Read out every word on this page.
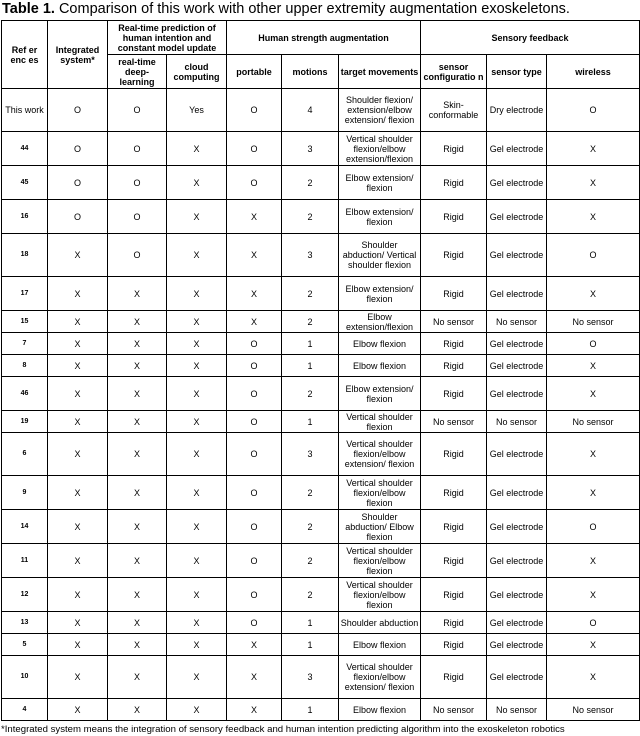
Table 1. Comparison of this work with other upper extremity augmentation exoskeletons.
Ref er enc es	Integrated system*	Real-time prediction of human intention and constant model update		Human strength augmentation			Sensory feedback		
		real-time deep-learning	cloud computing	portable	motions	target movements	sensor configuratio n	sensor type	wireless
This work	O	O	Yes	O	4	Shoulder flexion/ extension/elbow extension/ flexion	Skin-conformable	Dry electrode	O
44	O	O	X	O	3	Vertical shoulder flexion/elbow extension/flexion	Rigid	Gel electrode	X
45	O	O	X	O	2	Elbow extension/ flexion	Rigid	Gel electrode	X
16	O	O	X	X	2	Elbow extension/ flexion	Rigid	Gel electrode	X
18	X	O	X	X	3	Shoulder abduction/ Vertical shoulder flexion	Rigid	Gel electrode	O
17	X	X	X	X	2	Elbow extension/ flexion	Rigid	Gel electrode	X
15	X	X	X	X	2	Elbow extension/flexion	No sensor	No sensor	No sensor
7	X	X	X	O	1	Elbow flexion	Rigid	Gel electrode	O
8	X	X	X	O	1	Elbow flexion	Rigid	Gel electrode	X
46	X	X	X	O	2	Elbow extension/ flexion	Rigid	Gel electrode	X
19	X	X	X	O	1	Vertical shoulder flexion	No sensor	No sensor	No sensor
6	X	X	X	O	3	Vertical shoulder flexion/elbow extension/ flexion	Rigid	Gel electrode	X
9	X	X	X	O	2	Vertical shoulder flexion/elbow flexion	Rigid	Gel electrode	X
14	X	X	X	O	2	Shoulder abduction/ Elbow flexion	Rigid	Gel electrode	O
11	X	X	X	O	2	Vertical shoulder flexion/elbow flexion	Rigid	Gel electrode	X
12	X	X	X	O	2	Vertical shoulder flexion/elbow flexion	Rigid	Gel electrode	X
13	X	X	X	O	1	Shoulder abduction	Rigid	Gel electrode	O
5	X	X	X	X	1	Elbow flexion	Rigid	Gel electrode	X
10	X	X	X	X	3	Vertical shoulder flexion/elbow extension/ flexion	Rigid	Gel electrode	X
4	X	X	X	X	1	Elbow flexion	No sensor	No sensor	No sensor
*Integrated system means the integration of sensory feedback and human intention predicting algorithm into the exoskeleton robotics
